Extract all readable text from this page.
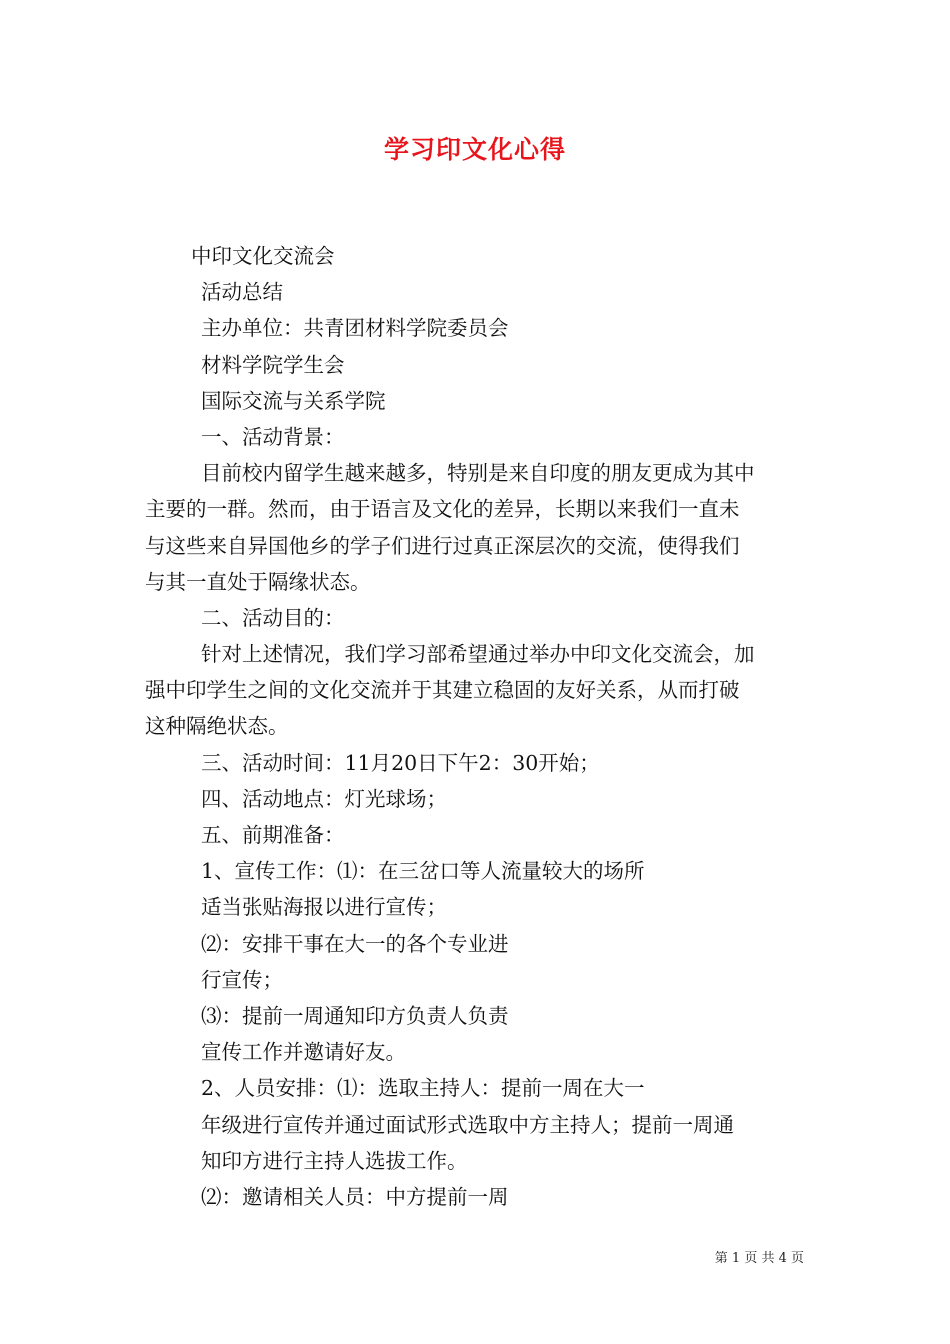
学习印文化心得
中印文化交流会
活动总结
主办单位：共青团材料学院委员会
材料学院学生会
国际交流与关系学院
一、活动背景：
目前校内留学生越来越多，特别是来自印度的朋友更成为其中
主要的一群。然而，由于语言及文化的差异，长期以来我们一直未
与这些来自异国他乡的学子们进行过真正深层次的交流，使得我们
与其一直处于隔缘状态。
二、活动目的：
针对上述情况，我们学习部希望通过举办中印文化交流会，加
强中印学生之间的文化交流并于其建立稳固的友好关系，从而打破
这种隔绝状态。
三、活动时间：11月20日下午2：30开始；
四、活动地点：灯光球场；
五、前期准备：
1、宣传工作：⑴：在三岔口等人流量较大的场所
适当张贴海报以进行宣传；
⑵：安排干事在大一的各个专业进
行宣传；
⑶：提前一周通知印方负责人负责
宣传工作并邀请好友。
2、人员安排：⑴：选取主持人：提前一周在大一
年级进行宣传并通过面试形式选取中方主持人；提前一周通
知印方进行主持人选拔工作。
⑵：邀请相关人员：中方提前一周
第 1 页 共 4 页
